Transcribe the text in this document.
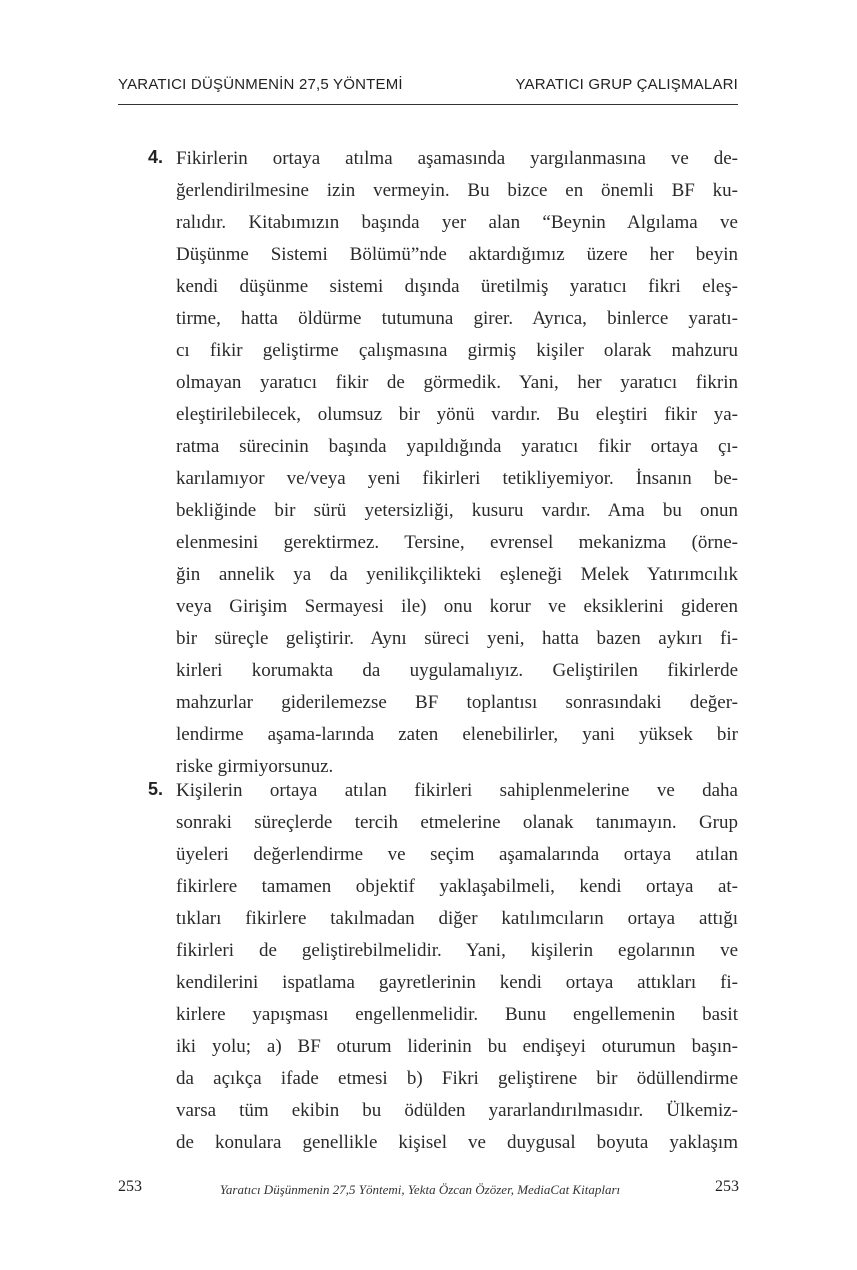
YARATICI DÜŞÜNMENİN 27,5 YÖNTEMİ	YARATICI GRUP ÇALIŞMALARI
4. Fikirlerin ortaya atılma aşamasında yargılanmasına ve de-
ğerlendirilmesine izin vermeyin. Bu bizce en önemli BF ku-
ralıdır. Kitabımızın başında yer alan “Beynin Algılama ve
Düşünme Sistemi Bölümü”nde aktardığımız üzere her beyin
kendi düşünme sistemi dışında üretilmiş yaratıcı fikri eleş-
tirme, hatta öldürme tutumuna girer. Ayrıca, binlerce yaratı-
cı fikir geliştirme çalışmasına girmiş kişiler olarak mahzuru
olmayan yaratıcı fikir de görmedik. Yani, her yaratıcı fikrin
eleştirilebilecek, olumsuz bir yönü vardır. Bu eleştiri fikir ya-
ratma sürecinin başında yapıldığında yaratıcı fikir ortaya çı-
karılamıyor ve/veya yeni fikirleri tetikliyemiyor. İnsanın be-
bekliğinde bir sürü yetersizliği, kusuru vardır. Ama bu onun
elenmesini gerektirmez. Tersine, evrensel mekanizma (örne-
ğin annelik ya da yenilikçilikteki eşleneği Melek Yatırımcılık
veya Girişim Sermayesi ile) onu korur ve eksiklerini gideren
bir süreçle geliştirir. Aynı süreci yeni, hatta bazen aykırı fi-
kirleri korumakta da uygulamalıyız. Geliştirilen fikirlerde
mahzurlar giderilemezse BF toplantısı sonrasındaki değer-
lendirme aşama-larında zaten elenebilirler, yani yüksek bir
riske girmiyorsunuz.
5. Kişilerin ortaya atılan fikirleri sahiplenmelerine ve daha
sonraki süreçlerde tercih etmelerine olanak tanımayın. Grup
üyeleri değerlendirme ve seçim aşamalarında ortaya atılan
fikirlere tamamen objektif yaklaşabilmeli, kendi ortaya at-
tıkları fikirlere takılmadan diğer katılımcıların ortaya attığı
fikirleri de geliştirebilmelidir. Yani, kişilerin egolarının ve
kendilerini ispatlama gayretlerinin kendi ortaya attıkları fi-
kirlere yapışması engellenmelidir. Bunu engellemenin basit
iki yolu; a) BF oturum liderinin bu endişeyi oturumun başın-
da açıkça ifade etmesi b) Fikri geliştirene bir ödüllendirme
varsa tüm ekibin bu ödülden yararlandırılmasıdır. Ülkemiz-
de konulara genellikle kişisel ve duygusal boyuta yaklaşım
253	Yaratıcı Düşünmenin 27,5 Yöntemi, Yekta Özcan Özözer, MediaCat Kitapları	253
